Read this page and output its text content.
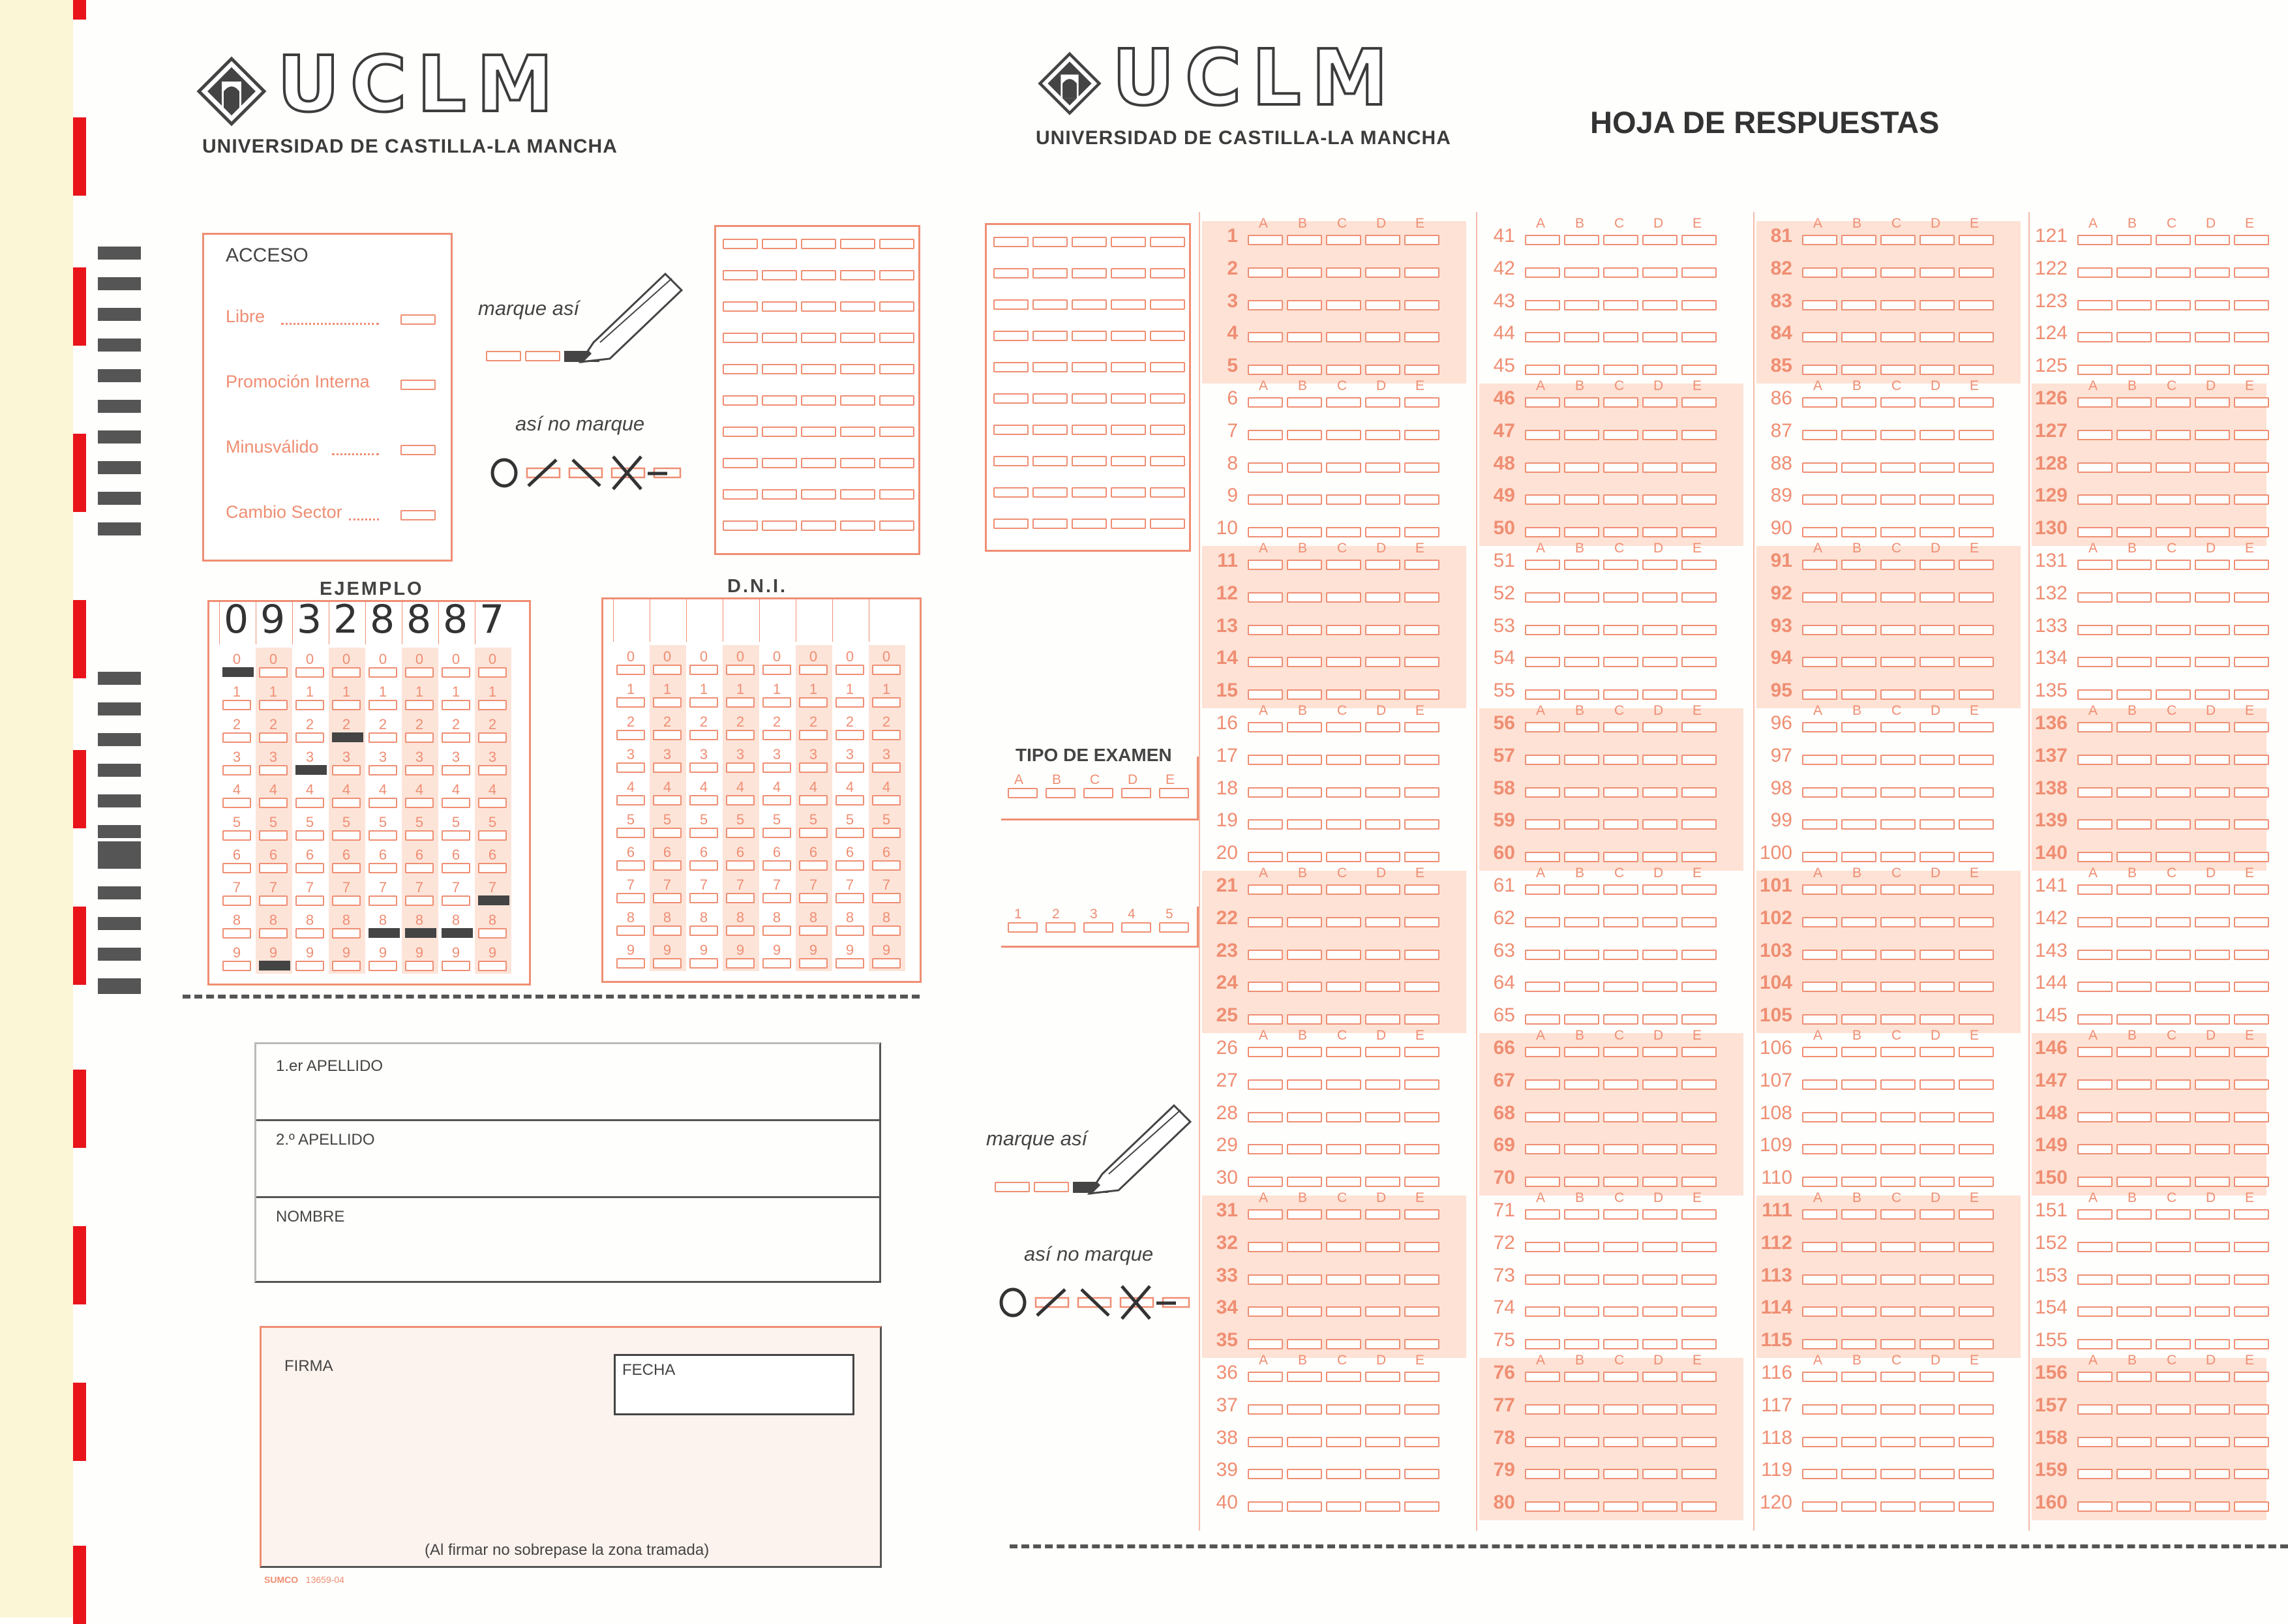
UCLM
UNIVERSIDAD DE CASTILLA-LA MANCHA
UCLM
UNIVERSIDAD DE CASTILLA-LA MANCHA	HOJA DE RESPUESTAS
ACCESO
Libre
Promoción Interna
Minusválido
Cambio Sector
marque así
así no marque
EJEMPLO
0
0
1
2
3
4
5
6
7
8
9
9
0
1
2
3
4
5
6
7
8
9
3
0
1
2
3
4
5
6
7
8
9
2
0
1
2
3
4
5
6
7
8
9
8
0
1
2
3
4
5
6
7
8
9
8
0
1
2
3
4
5
6
7
8
9
8
0
1
2
3
4
5
6
7
8
9
7
0
1
2
3
4
5
6
7
8
9
D.N.I.
0
1
2
3
4
5
6
7
8
9
0
1
2
3
4
5
6
7
8
9
0
1
2
3
4
5
6
7
8
9
0
1
2
3
4
5
6
7
8
9
0
1
2
3
4
5
6
7
8
9
0
1
2
3
4
5
6
7
8
9
0
1
2
3
4
5
6
7
8
9
0
1
2
3
4
5
6
7
8
9
1.er APELLIDO
2.º APELLIDO
NOMBRE
FIRMA	FECHA
(Al firmar no sobrepase la zona tramada)
SUMCO 13659-04
TIPO DE EXAMEN
A B C D E
1 2 3 4 5
marque así
así no marque
1
A B C D E
2
3
4
5
6
A B C D E
7
8
9
10
11
A B C D E
12
13
14
15
16
A B C D E
17
18
19
20
21
A B C D E
22
23
24
25
26
A B C D E
27
28
29
30
31
A B C D E
32
33
34
35
36
A B C D E
37
38
39
40
41
A B C D E
42
43
44
45
46
A B C D E
47
48
49
50
51
A B C D E
52
53
54
55
56
A B C D E
57
58
59
60
61
A B C D E
62
63
64
65
66
A B C D E
67
68
69
70
71
A B C D E
72
73
74
75
76
A B C D E
77
78
79
80
81
A B C D E
82
83
84
85
86
A B C D E
87
88
89
90
91
A B C D E
92
93
94
95
96
A B C D E
97
98
99
100
101
A B C D E
102
103
104
105
106
A B C D E
107
108
109
110
111
A B C D E
112
113
114
115
116
A B C D E
117
118
119
120
121
A B C D E
122
123
124
125
126
A B C D E
127
128
129
130
131
A B C D E
132
133
134
135
136
A B C D E
137
138
139
140
141
A B C D E
142
143
144
145
146
A B C D E
147
148
149
150
151
A B C D E
152
153
154
155
156
A B C D E
157
158
159
160
